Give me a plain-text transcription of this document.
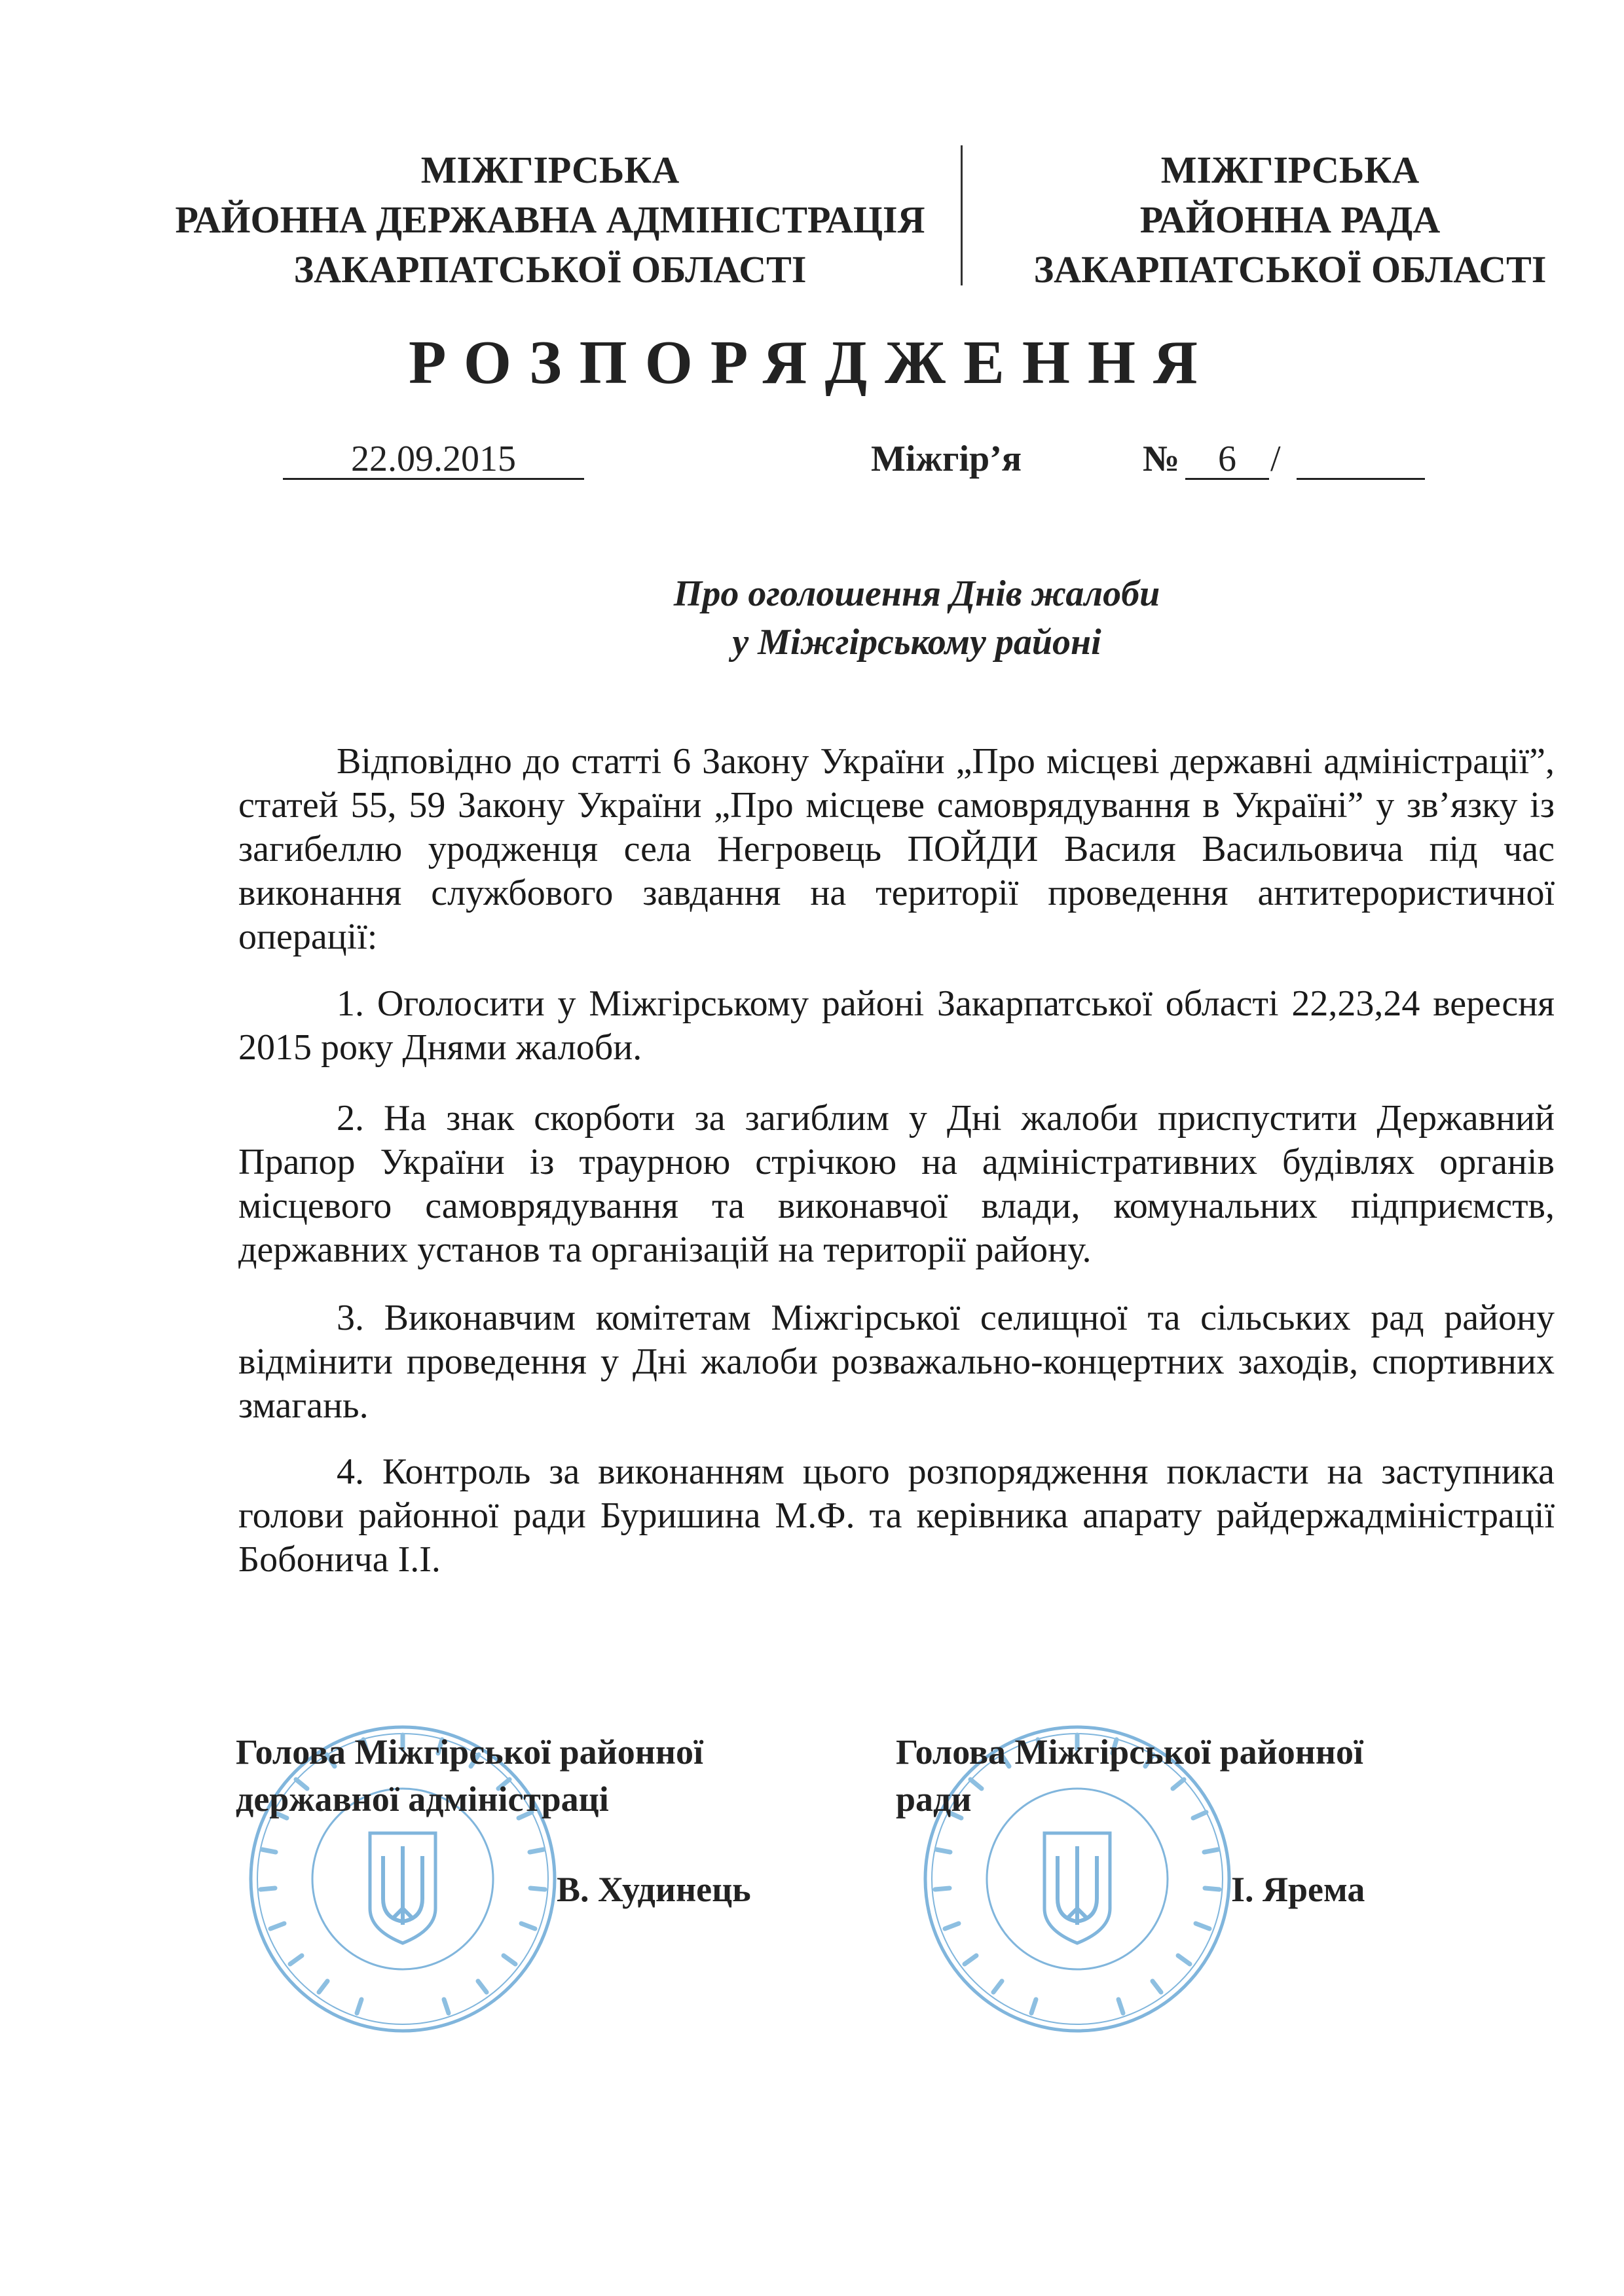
МІЖГІРСЬКА
РАЙОННА ДЕРЖАВНА АДМІНІСТРАЦІЯ
ЗАКАРПАТСЬКОЇ ОБЛАСТІ
МІЖГІРСЬКА
РАЙОННА РАДА
ЗАКАРПАТСЬКОЇ ОБЛАСТІ
РОЗПОРЯДЖЕННЯ
22.09.2015	Міжгір’я	№	6 /
Про оголошення Днів жалоби
у Міжгірському районі
Відповідно до статті 6 Закону України „Про місцеві державні адміністрації”, статей 55, 59 Закону України „Про місцеве самоврядування в Україні” у зв’язку із загибеллю уродженця села Негровець ПОЙДИ Василя Васильовича під час виконання службового завдання на території проведення антитерористичної операції:
1. Оголосити у Міжгірському районі Закарпатської області 22,23,24 вересня 2015 року Днями жалоби.
2. На знак скорботи за загиблим у Дні жалоби приспустити Державний Прапор України із траурною стрічкою на адміністративних будівлях органів місцевого самоврядування та виконавчої влади, комунальних підприємств, державних установ та організацій на території району.
3. Виконавчим комітетам Міжгірської селищної та сільських рад району відмінити проведення у Дні жалоби розважально-концертних заходів, спортивних змагань.
4. Контроль за виконанням цього розпорядження покласти на заступника голови районної ради Буришина М.Ф. та керівника апарату райдержадміністрації Бобонича І.І.
Голова Міжгірської районної
державної адміністраці
В. Худинець
Голова Міжгірської районної
ради
І. Ярема
